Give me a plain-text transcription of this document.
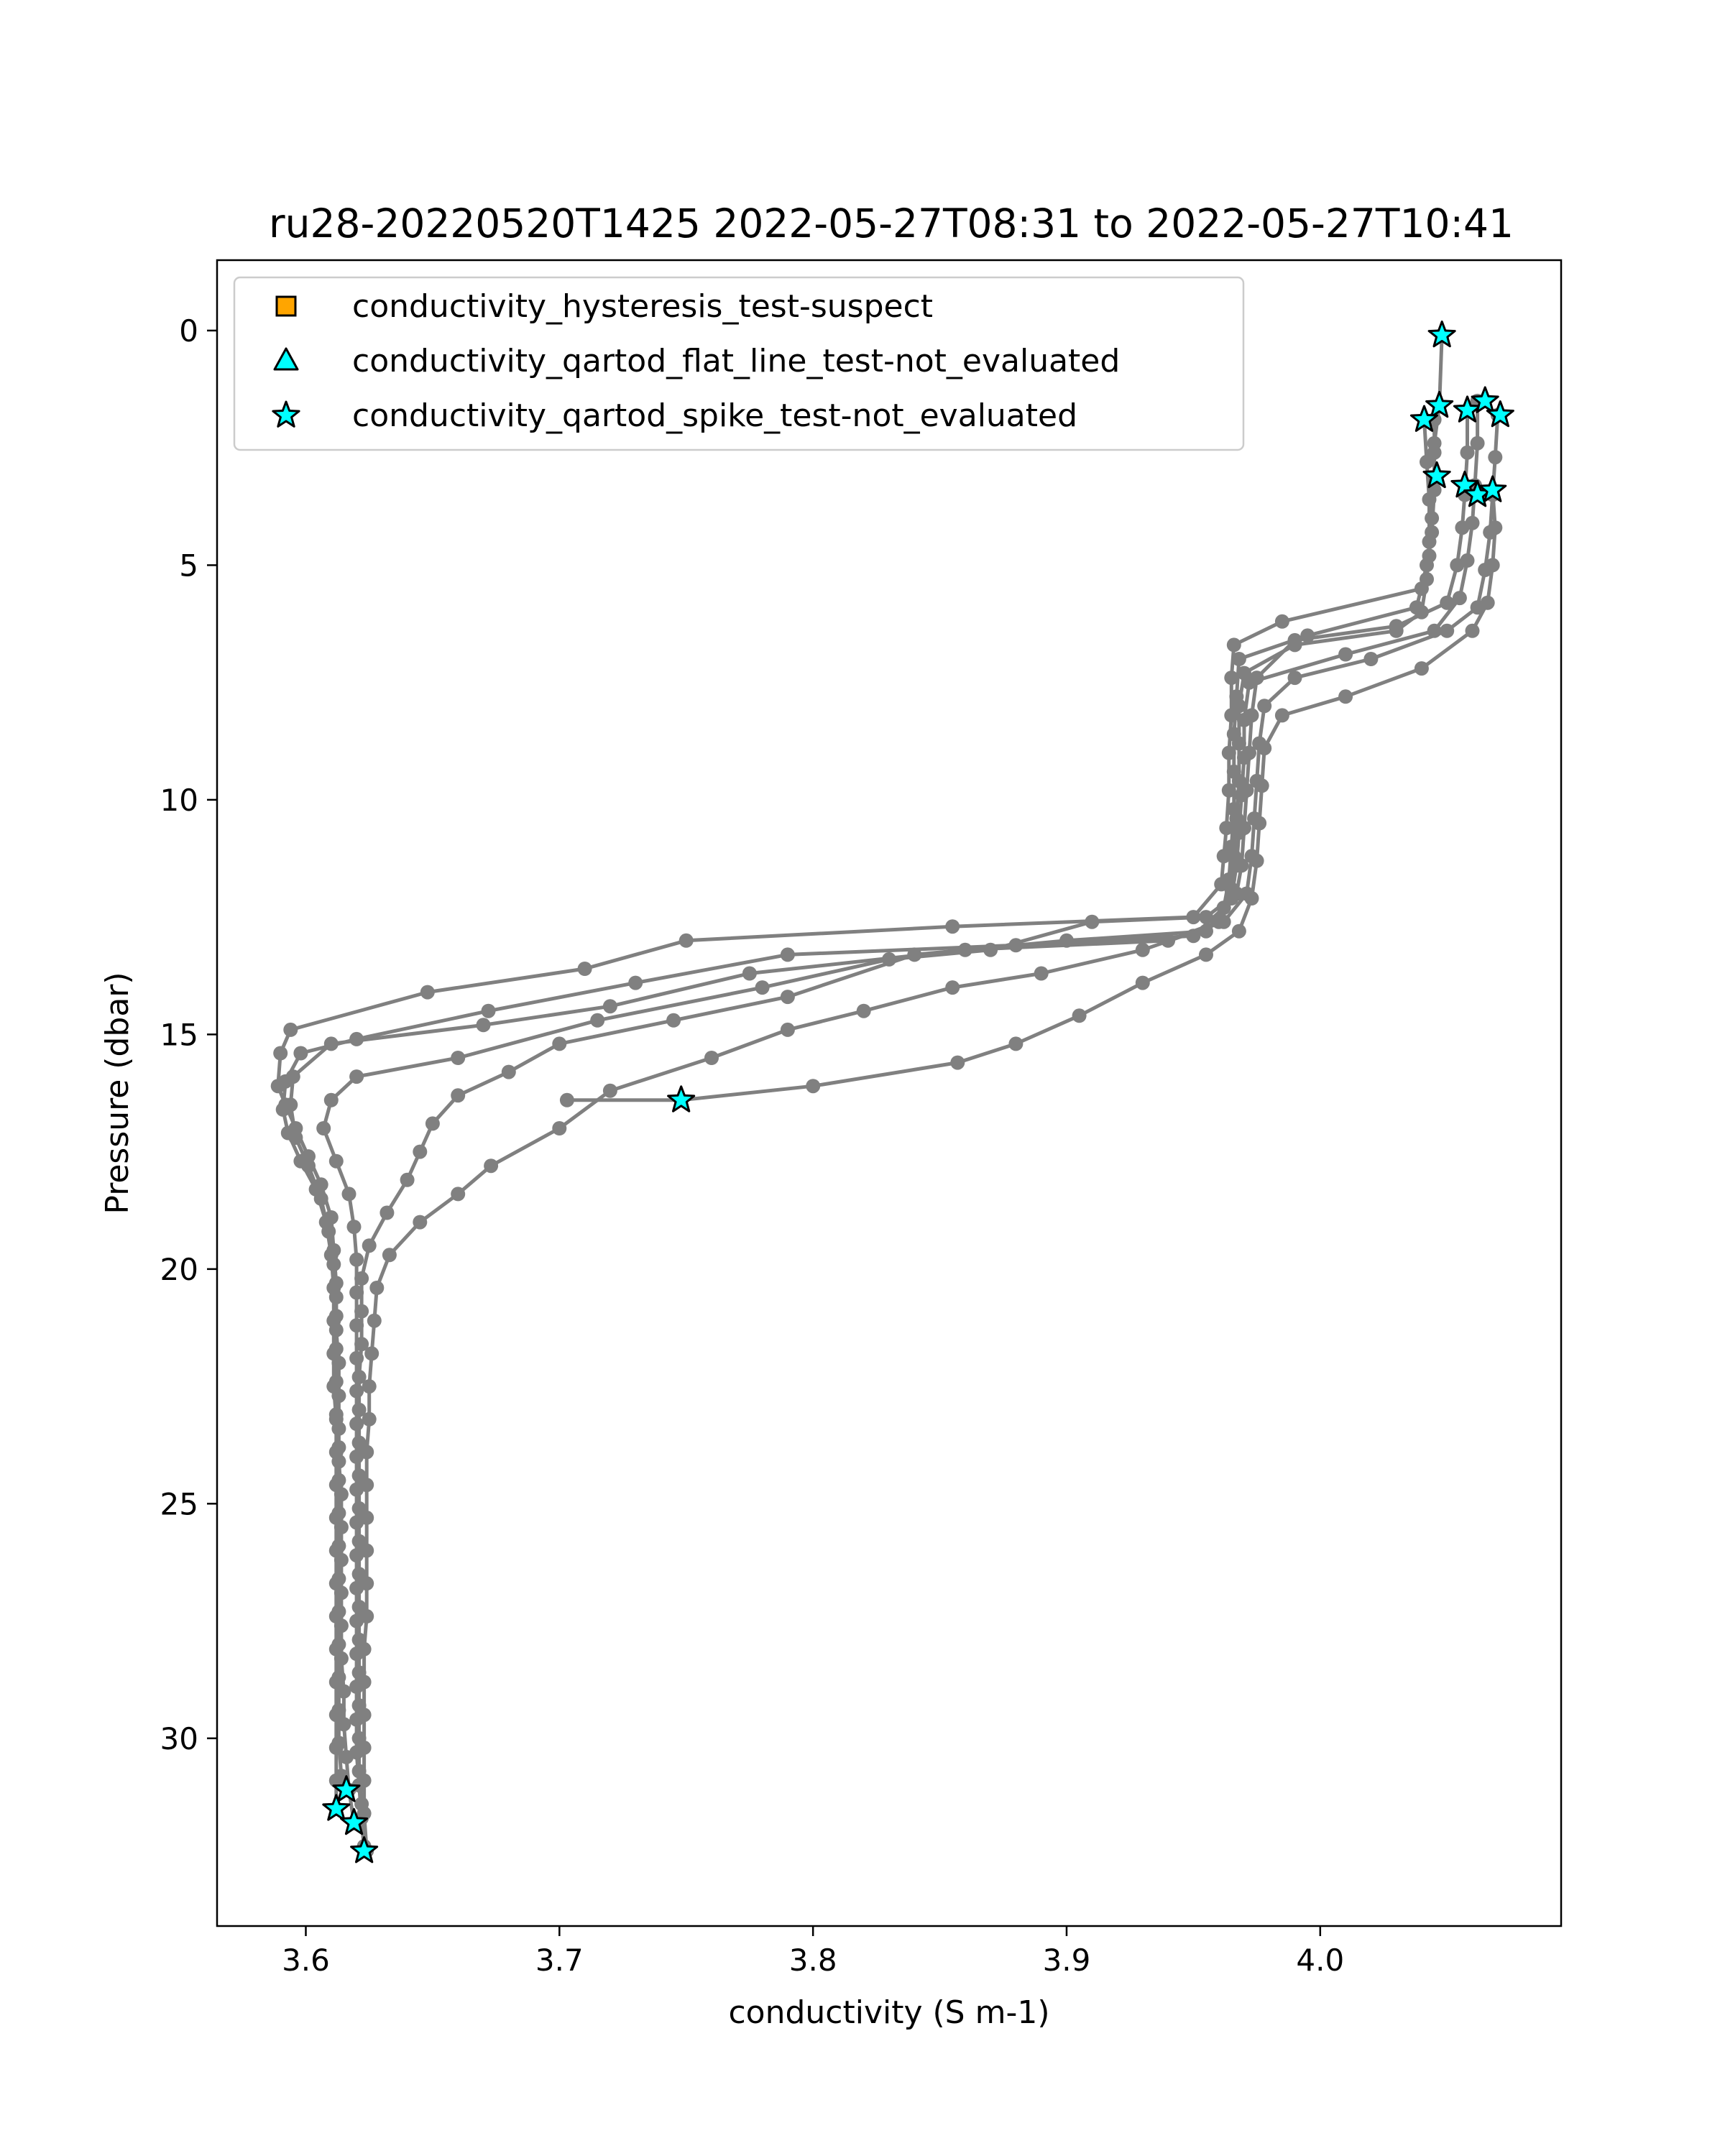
ru28-20220520T1425 2022-05-27T08:31 to 2022-05-27T10:41
3.6	3.7	3.8	3.9	4.0
0
5
10
15
20
25
30
conductivity (S m-1)
Pressure (dbar)
conductivity_hysteresis_test-suspect
conductivity_qartod_flat_line_test-not_evaluated
conductivity_qartod_spike_test-not_evaluated
